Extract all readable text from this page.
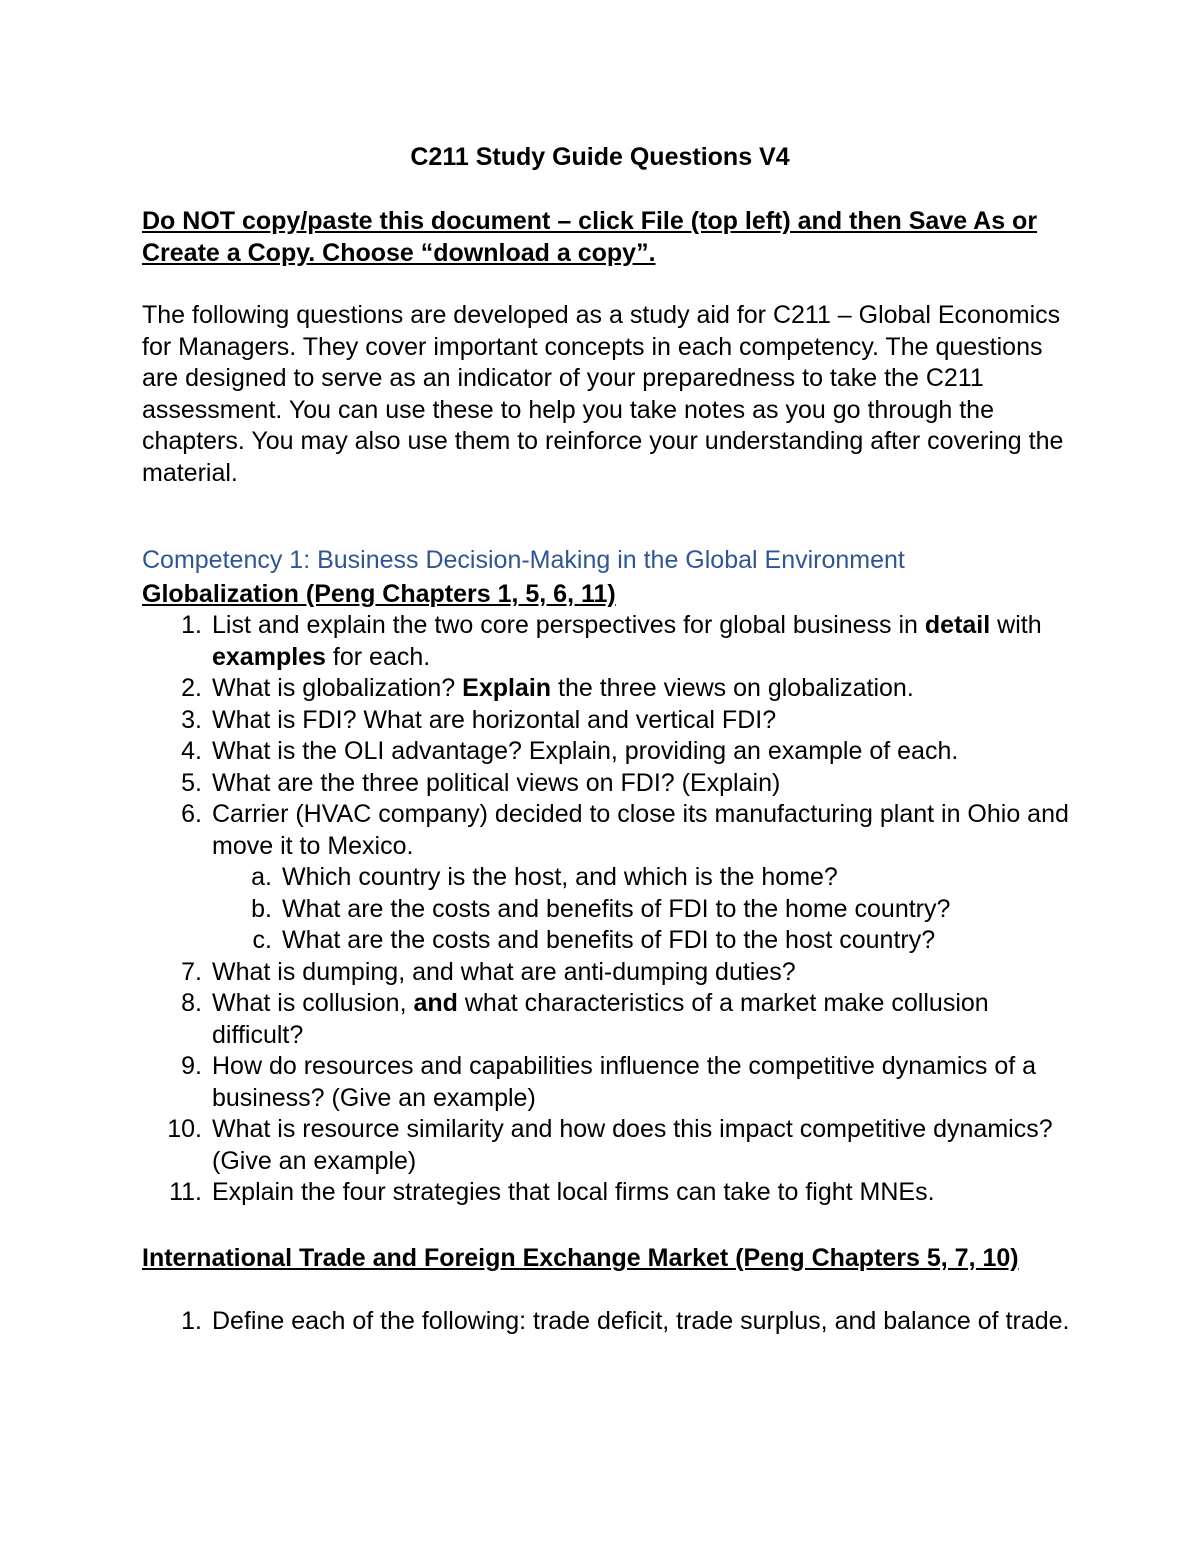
C211 Study Guide Questions V4
Do NOT copy/paste this document – click File (top left) and then Save As or Create a Copy. Choose “download a copy”.
The following questions are developed as a study aid for C211 – Global Economics for Managers. They cover important concepts in each competency. The questions are designed to serve as an indicator of your preparedness to take the C211 assessment. You can use these to help you take notes as you go through the chapters. You may also use them to reinforce your understanding after covering the material.
Competency 1: Business Decision-Making in the Global Environment
Globalization (Peng Chapters 1, 5, 6, 11)
1. List and explain the two core perspectives for global business in detail with examples for each.
2. What is globalization? Explain the three views on globalization.
3. What is FDI? What are horizontal and vertical FDI?
4. What is the OLI advantage? Explain, providing an example of each.
5. What are the three political views on FDI? (Explain)
6. Carrier (HVAC company) decided to close its manufacturing plant in Ohio and move it to Mexico.
a. Which country is the host, and which is the home?
b. What are the costs and benefits of FDI to the home country?
c. What are the costs and benefits of FDI to the host country?
7. What is dumping, and what are anti-dumping duties?
8. What is collusion, and what characteristics of a market make collusion difficult?
9. How do resources and capabilities influence the competitive dynamics of a business? (Give an example)
10. What is resource similarity and how does this impact competitive dynamics? (Give an example)
11. Explain the four strategies that local firms can take to fight MNEs.
International Trade and Foreign Exchange Market (Peng Chapters 5, 7, 10)
1. Define each of the following: trade deficit, trade surplus, and balance of trade.
